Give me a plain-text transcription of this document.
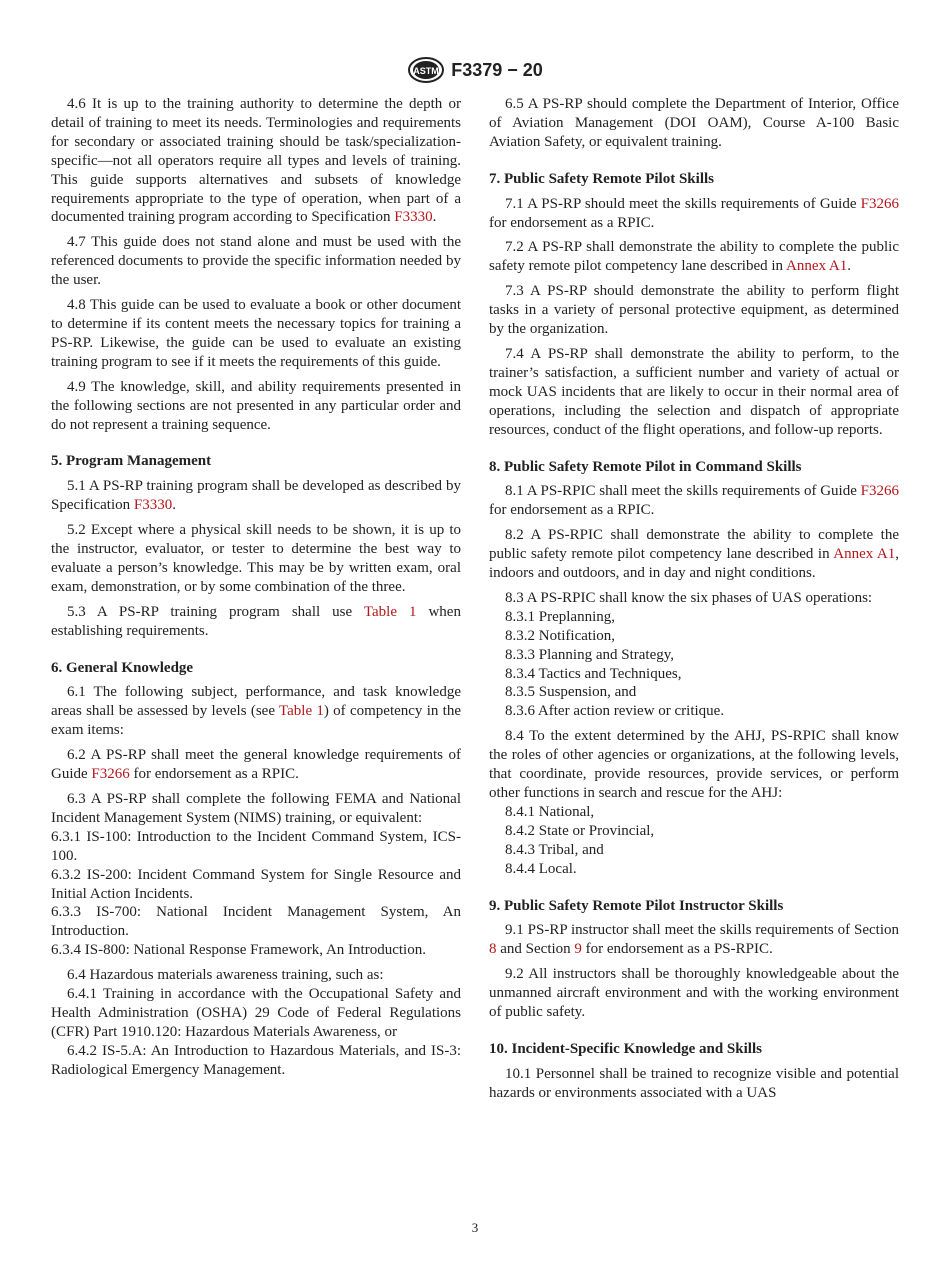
ASTM F3379 − 20

4.6 It is up to the training authority to determine the depth or detail of training to meet its needs. Terminologies and requirements for secondary or associated training should be task/specialization-specific—not all operators require all types and levels of training. This guide supports alternatives and subsets of knowledge requirements appropriate to the type of operation, when part of a documented training program according to Specification F3330.

4.7 This guide does not stand alone and must be used with the referenced documents to provide the specific information needed by the user.

4.8 This guide can be used to evaluate a book or other document to determine if its content meets the necessary topics for training a PS-RP. Likewise, the guide can be used to evaluate an existing training program to see if it meets the requirements of this guide.

4.9 The knowledge, skill, and ability requirements presented in the following sections are not presented in any particular order and do not represent a training sequence.

5. Program Management

5.1 A PS-RP training program shall be developed as described by Specification F3330.

5.2 Except where a physical skill needs to be shown, it is up to the instructor, evaluator, or tester to determine the best way to evaluate a person’s knowledge. This may be by written exam, oral exam, demonstration, or by some combination of the three.

5.3 A PS-RP training program shall use Table 1 when establishing requirements.

6. General Knowledge

6.1 The following subject, performance, and task knowledge areas shall be assessed by levels (see Table 1) of competency in the exam items:

6.2 A PS-RP shall meet the general knowledge requirements of Guide F3266 for endorsement as a RPIC.

6.3 A PS-RP shall complete the following FEMA and National Incident Management System (NIMS) training, or equivalent:

6.3.1 IS-100: Introduction to the Incident Command System, ICS-100.

6.3.2 IS-200: Incident Command System for Single Resource and Initial Action Incidents.

6.3.3 IS-700: National Incident Management System, An Introduction.

6.3.4 IS-800: National Response Framework, An Introduction.

6.4 Hazardous materials awareness training, such as:

6.4.1 Training in accordance with the Occupational Safety and Health Administration (OSHA) 29 Code of Federal Regulations (CFR) Part 1910.120: Hazardous Materials Awareness, or

6.4.2 IS-5.A: An Introduction to Hazardous Materials, and IS-3: Radiological Emergency Management.

6.5 A PS-RP should complete the Department of Interior, Office of Aviation Management (DOI OAM), Course A-100 Basic Aviation Safety, or equivalent training.

7. Public Safety Remote Pilot Skills

7.1 A PS-RP should meet the skills requirements of Guide F3266 for endorsement as a RPIC.

7.2 A PS-RP shall demonstrate the ability to complete the public safety remote pilot competency lane described in Annex A1.

7.3 A PS-RP should demonstrate the ability to perform flight tasks in a variety of personal protective equipment, as determined by the organization.

7.4 A PS-RP shall demonstrate the ability to perform, to the trainer’s satisfaction, a sufficient number and variety of actual or mock UAS incidents that are likely to occur in their normal area of operations, including the selection and dispatch of appropriate resources, conduct of the flight operations, and follow-up reports.

8. Public Safety Remote Pilot in Command Skills

8.1 A PS-RPIC shall meet the skills requirements of Guide F3266 for endorsement as a RPIC.

8.2 A PS-RPIC shall demonstrate the ability to complete the public safety remote pilot competency lane described in Annex A1, indoors and outdoors, and in day and night conditions.

8.3 A PS-RPIC shall know the six phases of UAS operations:

8.3.1 Preplanning,

8.3.2 Notification,

8.3.3 Planning and Strategy,

8.3.4 Tactics and Techniques,

8.3.5 Suspension, and

8.3.6 After action review or critique.

8.4 To the extent determined by the AHJ, PS-RPIC shall know the roles of other agencies or organizations, at the following levels, that coordinate, provide resources, provide services, or perform other functions in search and rescue for the AHJ:

8.4.1 National,

8.4.2 State or Provincial,

8.4.3 Tribal, and

8.4.4 Local.

9. Public Safety Remote Pilot Instructor Skills

9.1 PS-RP instructor shall meet the skills requirements of Section 8 and Section 9 for endorsement as a PS-RPIC.

9.2 All instructors shall be thoroughly knowledgeable about the unmanned aircraft environment and with the working environment of public safety.

10. Incident-Specific Knowledge and Skills

10.1 Personnel shall be trained to recognize visible and potential hazards or environments associated with a UAS

3
